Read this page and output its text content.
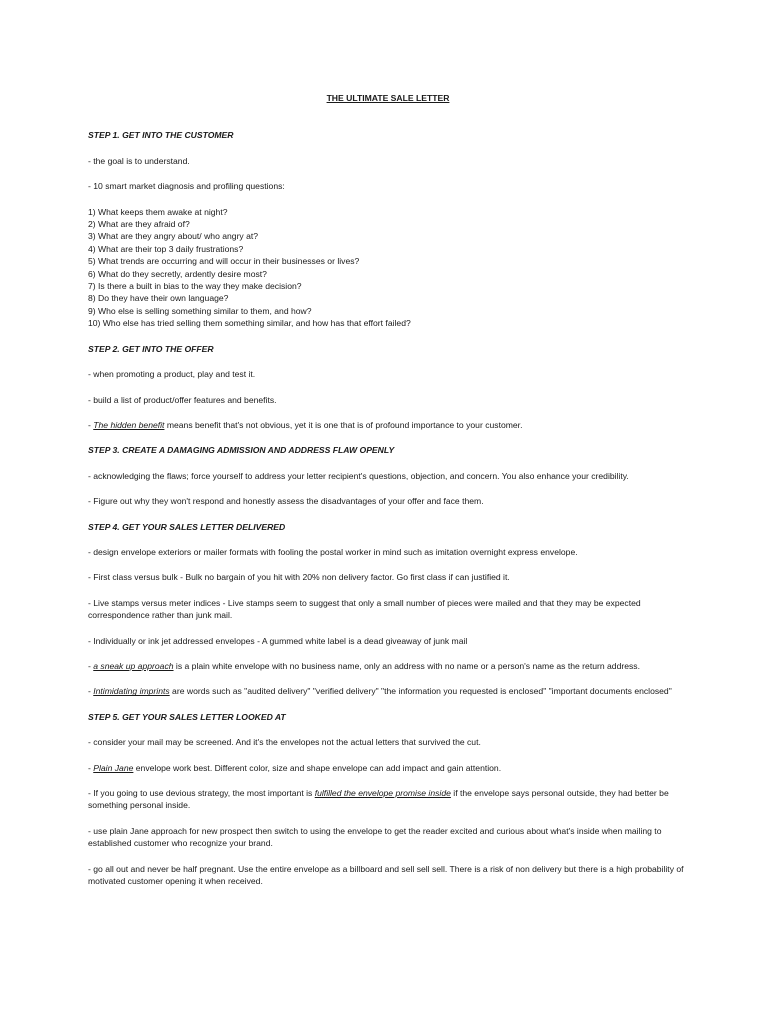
THE ULTIMATE SALE LETTER

STEP 1. GET INTO THE CUSTOMER

- the goal is to understand.

- 10 smart market diagnosis and profiling questions:

1) What keeps them awake at night?

2) What are they afraid of?

3) What are they angry about/ who angry at?

4) What are their top 3 daily frustrations?

5) What trends are occurring and will occur in their businesses or lives?

6) What do they secretly, ardently desire most?

7) Is there a built in bias to the way they make decision?

8) Do they have their own language?

9) Who else is selling something similar to them, and how?

10) Who else has tried selling them something similar, and how has that effort failed?

STEP 2. GET INTO THE OFFER

- when promoting a product, play and test it.

- build a list of product/offer features and benefits.

- The hidden benefit means benefit that's not obvious, yet it is one that is of profound importance to your customer.

STEP 3. CREATE A DAMAGING ADMISSION AND ADDRESS FLAW OPENLY

- acknowledging the flaws; force yourself to address your letter recipient's questions, objection, and concern. You also enhance your credibility.

- Figure out why they won't respond and honestly assess the disadvantages of your offer and face them.

STEP 4. GET YOUR SALES LETTER DELIVERED

- design envelope exteriors or mailer formats with fooling the postal worker in mind such as imitation overnight express envelope.

- First class versus bulk - Bulk no bargain of you hit with 20% non delivery factor. Go first class if can justified it.

- Live stamps versus meter indices - Live stamps seem to suggest that only a small number of pieces were mailed and that they may be expected correspondence rather than junk mail.

- Individually or ink jet addressed envelopes - A gummed white label is a dead giveaway of junk mail

- a sneak up approach is a plain white envelope with no business name, only an address with no name or a person's name as the return address.

- Intimidating imprints are words such as "audited delivery" "verified delivery" "the information you requested is enclosed" "important documents enclosed"

STEP 5. GET YOUR SALES LETTER LOOKED AT

- consider your mail may be screened. And it's the envelopes not the actual letters that survived the cut.

- Plain Jane envelope work best. Different color, size and shape envelope can add impact and gain attention.

- If you going to use devious strategy, the most important is fulfilled the envelope promise inside if the envelope says personal outside, they had better be something personal inside.

- use plain Jane approach for new prospect then switch to using the envelope to get the reader excited and curious about what's inside when mailing to established customer who recognize your brand.

- go all out and never be half pregnant. Use the entire envelope as a billboard and sell sell sell. There is a risk of non delivery but there is a high probability of motivated customer opening it when received.
